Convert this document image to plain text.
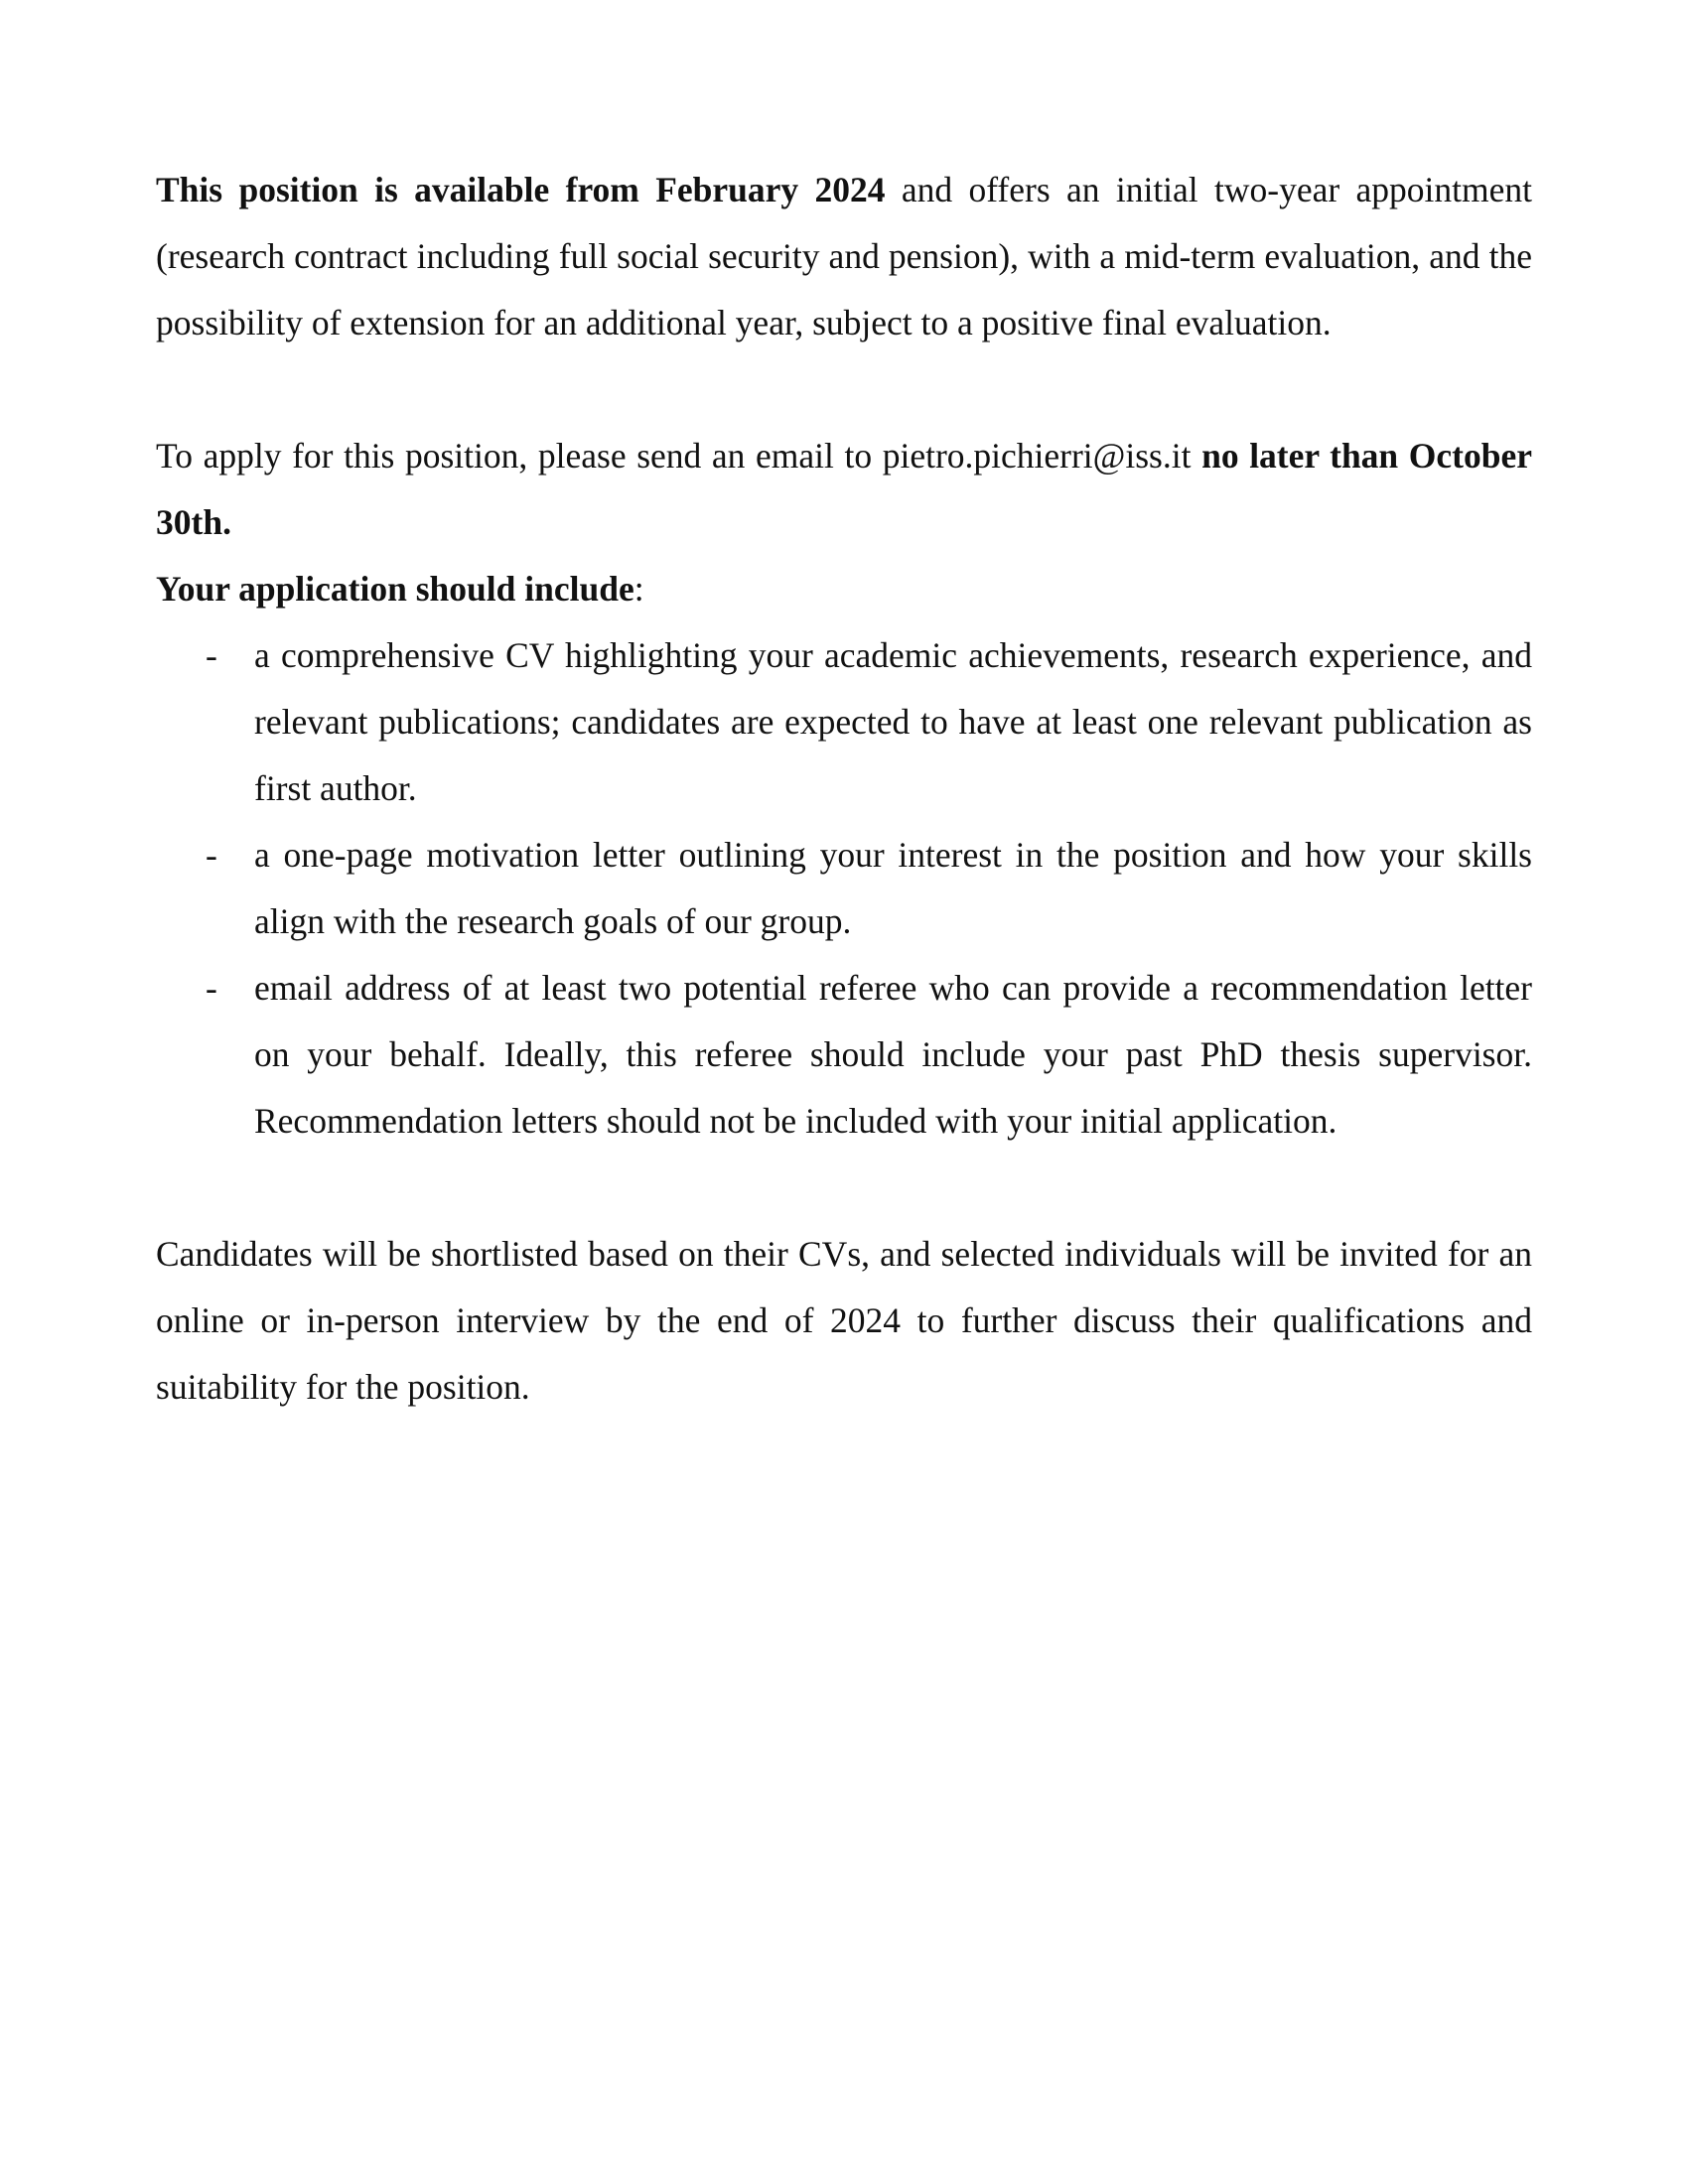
This position is available from February 2024 and offers an initial two-year appointment (research contract including full social security and pension), with a mid-term evaluation, and the possibility of extension for an additional year, subject to a positive final evaluation.

To apply for this position, please send an email to pietro.pichierri@iss.it no later than October 30th.

Your application should include:

- a comprehensive CV highlighting your academic achievements, research experience, and relevant publications; candidates are expected to have at least one relevant publication as first author.
- a one-page motivation letter outlining your interest in the position and how your skills align with the research goals of our group.
- email address of at least two potential referee who can provide a recommendation letter on your behalf. Ideally, this referee should include your past PhD thesis supervisor. Recommendation letters should not be included with your initial application.

Candidates will be shortlisted based on their CVs, and selected individuals will be invited for an online or in-person interview by the end of 2024 to further discuss their qualifications and suitability for the position.
